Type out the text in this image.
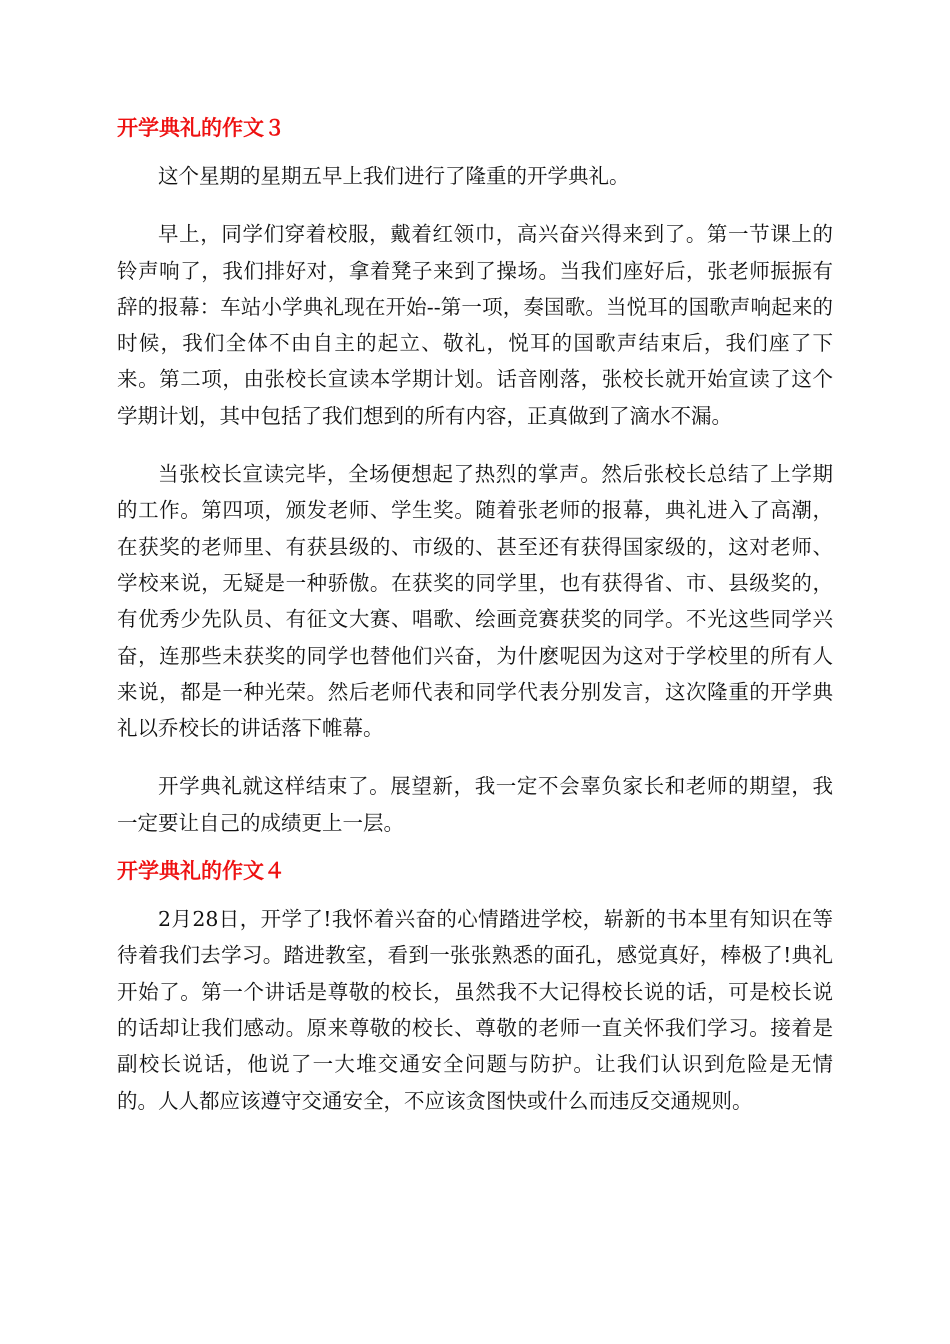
开学典礼的作文３

这个星期的星期五早上我们进行了隆重的开学典礼。

早上，同学们穿着校服，戴着红领巾，高兴奋兴得来到了。第一节课上的铃声响了，我们排好对，拿着凳子来到了操场。当我们座好后，张老师振振有辞的报幕：车站小学典礼现在开始--第一项，奏国歌。当悦耳的国歌声响起来的时候，我们全体不由自主的起立、敬礼，悦耳的国歌声结束后，我们座了下来。第二项，由张校长宣读本学期计划。话音刚落，张校长就开始宣读了这个学期计划，其中包括了我们想到的所有内容，正真做到了滴水不漏。

当张校长宣读完毕，全场便想起了热烈的掌声。然后张校长总结了上学期的工作。第四项，颁发老师、学生奖。随着张老师的报幕，典礼进入了高潮，在获奖的老师里、有获县级的、市级的、甚至还有获得国家级的，这对老师、学校来说，无疑是一种骄傲。在获奖的同学里，也有获得省、市、县级奖的，有优秀少先队员、有征文大赛、唱歌、绘画竞赛获奖的同学。不光这些同学兴奋，连那些未获奖的同学也替他们兴奋，为什麽呢因为这对于学校里的所有人来说，都是一种光荣。然后老师代表和同学代表分别发言，这次隆重的开学典礼以乔校长的讲话落下帷幕。

开学典礼就这样结束了。展望新，我一定不会辜负家长和老师的期望，我一定要让自己的成绩更上一层。

开学典礼的作文４

2月28日，开学了!我怀着兴奋的心情踏进学校，崭新的书本里有知识在等待着我们去学习。踏进教室，看到一张张熟悉的面孔，感觉真好，棒极了!典礼开始了。第一个讲话是尊敬的校长，虽然我不大记得校长说的话，可是校长说的话却让我们感动。原来尊敬的校长、尊敬的老师一直关怀我们学习。接着是副校长说话，他说了一大堆交通安全问题与防护。让我们认识到危险是无情的。人人都应该遵守交通安全，不应该贪图快或什么而违反交通规则。
